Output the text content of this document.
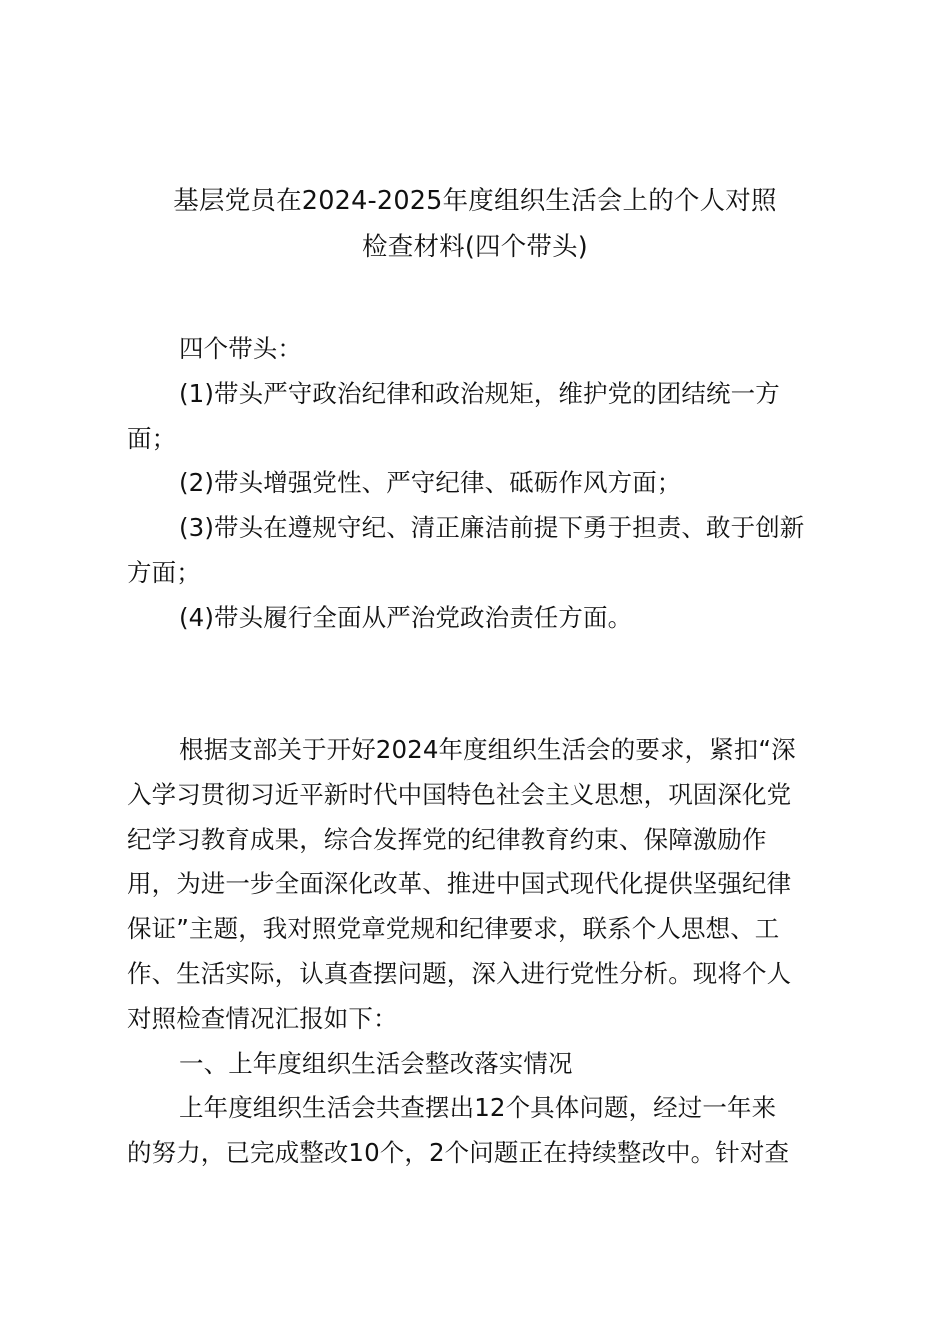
基层党员在2024-2025年度组织生活会上的个人对照
检查材料(四个带头)
四个带头：
(1)带头严守政治纪律和政治规矩，维护党的团结统一方
面；
(2)带头增强党性、严守纪律、砥砺作风方面；
(3)带头在遵规守纪、清正廉洁前提下勇于担责、敢于创新
方面；
(4)带头履行全面从严治党政治责任方面。
根据支部关于开好2024年度组织生活会的要求，紧扣“深
入学习贯彻习近平新时代中国特色社会主义思想，巩固深化党
纪学习教育成果，综合发挥党的纪律教育约束、保障激励作
用，为进一步全面深化改革、推进中国式现代化提供坚强纪律
保证”主题，我对照党章党规和纪律要求，联系个人思想、工
作、生活实际，认真查摆问题，深入进行党性分析。现将个人
对照检查情况汇报如下：
一、上年度组织生活会整改落实情况
上年度组织生活会共查摆出12个具体问题，经过一年来
的努力，已完成整改10个，2个问题正在持续整改中。针对查
